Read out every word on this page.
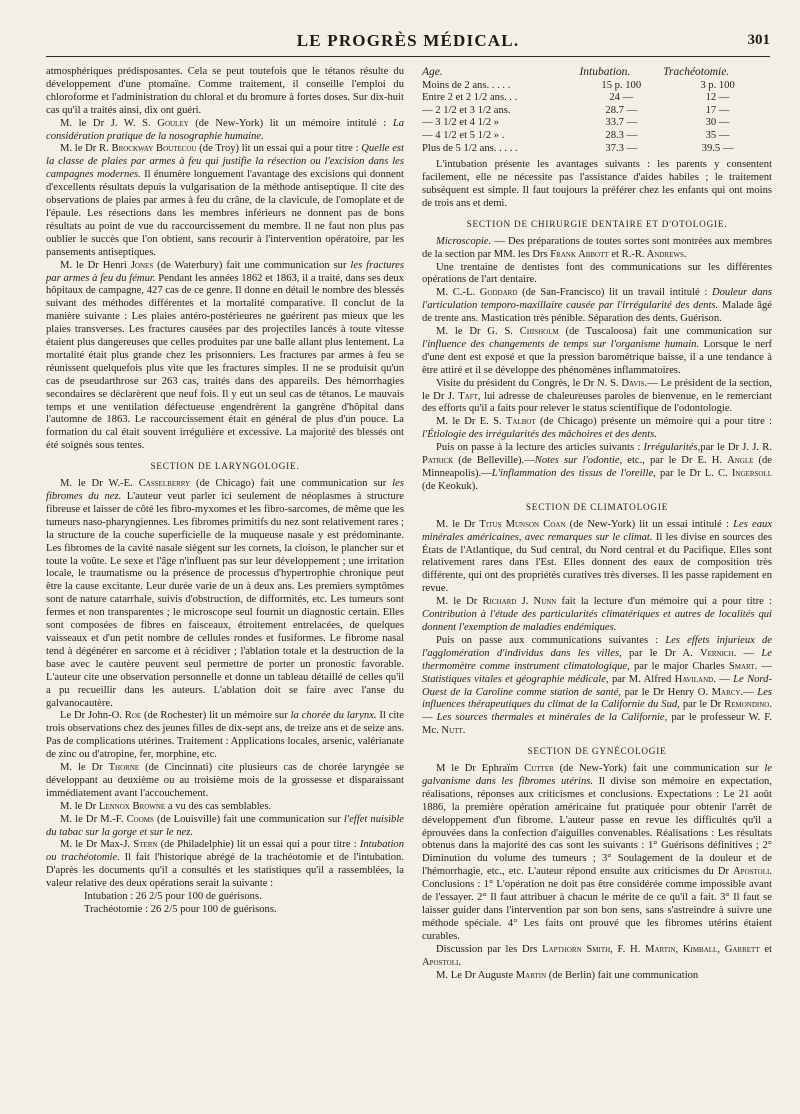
LE PROGRÈS MÉDICAL.	301

atmosphériques prédisposantes. Cela se peut toutefois que le tétanos résulte du développement d'une ptomaïne. Comme traitement, il conseille l'emploi du chloroforme et l'administration du chloral et du bromure à fortes doses. Sur dix-huit cas qu'il a traités ainsi, dix ont guéri.

M. le Dr J. W. S. Gouley (de New-York) lit un mémoire intitulé : La considération pratique de la nosographie humaine.

M. le Dr R. Brockway Boutecou (de Troy) lit un essai qui a pour titre : Quelle est la classe de plaies par armes à feu qui justifie la résection ou l'excision dans les campagnes modernes. Il énumère longuement l'avantage des excisions qui donnent d'excellents résultats depuis la vulgarisation de la méthode antiseptique. Il cite des observations de plaies par armes à feu du crâne, de la clavicule, de l'omoplate et de l'épaule. Les résections dans les membres inférieurs ne donnent pas de bons résultats au point de vue du raccourcissement du membre. Il ne faut non plus pas oublier le succès que l'on obtient, sans recourir à l'intervention opératoire, par les pansements antiseptiques.

M. le Dr Henri Jones (de Waterbury) fait une communication sur les fractures par armes à feu du fémur. Pendant les années 1862 et 1863, il a traité, dans ses deux hôpitaux de campagne, 427 cas de ce genre. Il donne en détail le nombre des blessés suivant des méthodes différentes et la mortalité comparative. Il conclut de la manière suivante : Les plaies antéro-postérieures ne guérirent pas mieux que les plaies transverses. Les fractures causées par des projectiles lancés à toute vitesse étaient plus dangereuses que celles produites par une balle allant plus lentement. La mortalité était plus grande chez les prisonniers. Les fractures par armes à feu se réunissent quelquefois plus vite que les fractures simples. Il ne se produisit qu'un cas de pseudarthrose sur 263 cas, traités dans des appareils. Des hémorrhagies secondaires se déclarèrent que neuf fois. Il y eut un seul cas de tétanos. Le mauvais temps et une ventilation défectueuse engendrèrent la gangrène d'hôpital dans l'automne de 1863. Le raccourcissement était en général de plus d'un pouce. La formation du cal était souvent irrégulière et excessive. La majorité des blessés ont été soignés sous tentes.

SECTION DE LARYNGOLOGIE.

M. le Dr W.-E. Casselberry (de Chicago) fait une communication sur les fibromes du nez. L'auteur veut parler ici seulement de néoplasmes à structure fibreuse et laisser de côté les fibro-myxomes et les fibro-sarcomes, de même que les tumeurs naso-pharyngiennes. Les fibromes primitifs du nez sont relativement rares ; la structure de la couche superficielle de la muqueuse nasale y est prédominante. Les fibromes de la cavité nasale siègent sur les cornets, la cloison, le plancher sur et toute la voûte. Le sexe et l'âge n'influent pas sur leur développement ; une irritation locale, le traumatisme ou la présence de processus d'hypertrophie chronique peut être la cause excitante. Leur durée varie de un à deux ans. Les premiers symptômes sont de nature catarrhale, suivis d'obstruction, de difformités, etc. Les tumeurs sont fermes et non transparentes ; le microscope seul fournit un diagnostic certain. Elles sont composées de fibres en faisceaux, étroitement entrelacées, de quelques vaisseaux et d'un petit nombre de cellules rondes et fusiformes. Le fibrome nasal tend à dégénérer en sarcome et à récidiver ; l'ablation totale et la destruction de la base avec le cautère peuvent seul permettre de porter un pronostic favorable. L'auteur cite une observation personnelle et donne un tableau détaillé de celles qu'il a pu recueillir dans les auteurs. L'ablation doit se faire avec l'anse du galvanocautère.

Le Dr John-O. Roe (de Rochester) lit un mémoire sur la chorée du larynx. Il cite trois observations chez des jeunes filles de dix-sept ans, de treize ans et de seize ans. Pas de complications utérines. Traitement : Applications locales, arsenic, valérianate de zinc ou d'atropine, fer, morphine, etc.

M. le Dr Thorne (de Cincinnati) cite plusieurs cas de chorée laryngée se développant au deuxième ou au troisième mois de la grossesse et disparaissant immédiatement avant l'accouchement.

M. le Dr Lennox Browne a vu des cas semblables.

M. le Dr M.-F. Cooms (de Louisville) fait une communication sur l'effet nuisible du tabac sur la gorge et sur le nez.

M. le Dr Max-J. Stern (de Philadelphie) lit un essai qui a pour titre : Intubation ou trachéotomie. Il fait l'historique abrégé de la trachéotomie et de l'intubation. D'après les documents qu'il a consultés et les statistiques qu'il a rassemblées, la valeur relative des deux opérations serait la suivante :

Intubation : 26 2/5 pour 100 de guérisons.

Trachéotomie : 26 2/5 pour 100 de guérisons.

Age.	Intubation.	Trachéotomie.
Moins de 2 ans. . . . .	15 p. 100	3 p. 100
Entre 2 et 2 1/2 ans. . .	24 —	12 —
— 2 1/2 et 3 1/2 ans.	28.7 —	17 —
— 3 1/2 et 4 1/2 »	33.7 —	30 —
— 4 1/2 et 5 1/2 » .	28.3 —	35 —
Plus de 5 1/2 ans. . . . .	37.3 —	39.5 —

L'intubation présente les avantages suivants : les parents y consentent facilement, elle ne nécessite pas l'assistance d'aides habiles ; le traitement subséquent est simple. Il faut toujours la préférer chez les enfants qui ont moins de trois ans et demi.

SECTION DE CHIRURGIE DENTAIRE ET D'OTOLOGIE.

Microscopie. — Des préparations de toutes sortes sont montrées aux membres de la section par MM. les Drs Frank Abbott et R.-R. Andrews.

Une trentaine de dentistes font des communications sur les différentes opérations de l'art dentaire.

M. C.-L. Goddard (de San-Francisco) lit un travail intitulé : Douleur dans l'articulation temporo-maxillaire causée par l'irrégularité des dents. Malade âgé de trente ans. Mastication très pénible. Séparation des dents. Guérison.

M. le Dr G. S. Chisholm (de Tuscaloosa) fait une communication sur l'influence des changements de temps sur l'organisme humain. Lorsque le nerf d'une dent est exposé et que la pression barométrique baisse, il a une tendance à être attiré et il se développe des phénomènes inflammatoires.

Visite du président du Congrès, le Dr N. S. Davis.— Le président de la section, le Dr J. Taft, lui adresse de chaleureuses paroles de bienvenue, en le remerciant des efforts qu'il a faits pour relever le status scientifique de l'odontologie.

M. le Dr E. S. Talbot (de Chicago) présente un mémoire qui a pour titre : l'Étiologie des irrégularités des mâchoires et des dents.

Puis on passe à la lecture des articles suivants : Irrégularités,par le Dr J. J. R. Patrick (de Belleville).—Notes sur l'odontie, etc., par le Dr E. H. Angle (de Minneapolis).—L'inflammation des tissus de l'oreille, par le Dr L. C. Ingersoll (de Keokuk).

SECTION DE CLIMATOLOGIE

M. le Dr Titus Munson Coan (de New-York) lit un essai intitulé : Les eaux minérales américaines, avec remarques sur le climat. Il les divise en sources des États de l'Atlantique, du Sud central, du Nord central et du Pacifique. Elles sont relativement rares dans l'Est. Elles donnent des eaux de composition très différente, qui ont des propriétés curatives très diverses. Il les passe rapidement en revue.

M. le Dr Richard J. Nunn fait la lecture d'un mémoire qui a pour titre : Contribution à l'étude des particularités climatériques et autres de localités qui donnent l'exemption de maladies endémiques.

Puis on passe aux communications suivantes : Les effets injurieux de l'agglomération d'individus dans les villes, par le Dr A. Vernich. — Le thermomètre comme instrument climatologique, par le major Charles Smart. — Statistiques vitales et géographie médicale, par M. Alfred Haviland. — Le Nord-Ouest de la Caroline comme station de santé, par le Dr Henry O. Marcy.— Les influences thérapeutiques du climat de la Californie du Sud, par le Dr Remondino. — Les sources thermales et minérales de la Californie, par le professeur W. F. Mc. Nutt.

SECTION DE GYNÉCOLOGIE

M le Dr Ephraïm Cutter (de New-York) fait une communication sur le galvanisme dans les fibromes utérins. Il divise son mémoire en expectation, réalisations, réponses aux criticismes et conclusions. Expectations : Le 21 août 1886, la première opération américaine fut pratiquée pour obtenir l'arrêt de développement d'un fibrome. L'auteur passe en revue les difficultés qu'il a éprouvées dans la confection d'aiguilles convenables. Réalisations : Les résultats obtenus dans la majorité des cas sont les suivants : 1° Guérisons définitives ; 2° Diminution du volume des tumeurs ; 3° Soulagement de la douleur et de l'hémorrhagie, etc., etc. L'auteur répond ensuite aux criticismes du Dr Apostoli. Conclusions : 1° L'opération ne doit pas être considérée comme impossible avant de l'essayer. 2° Il faut attribuer à chacun le mérite de ce qu'il a fait. 3° Il faut se laisser guider dans l'intervention par son bon sens, sans s'astreindre à suivre une méthode spéciale. 4° Les faits ont prouvé que les fibromes utérins étaient curables.

Discussion par les Drs Lapthorn Smith, F. H. Martin, Kimball, Garrett et Apostoli.

M. Le Dr Auguste Martin (de Berlin) fait une communication
